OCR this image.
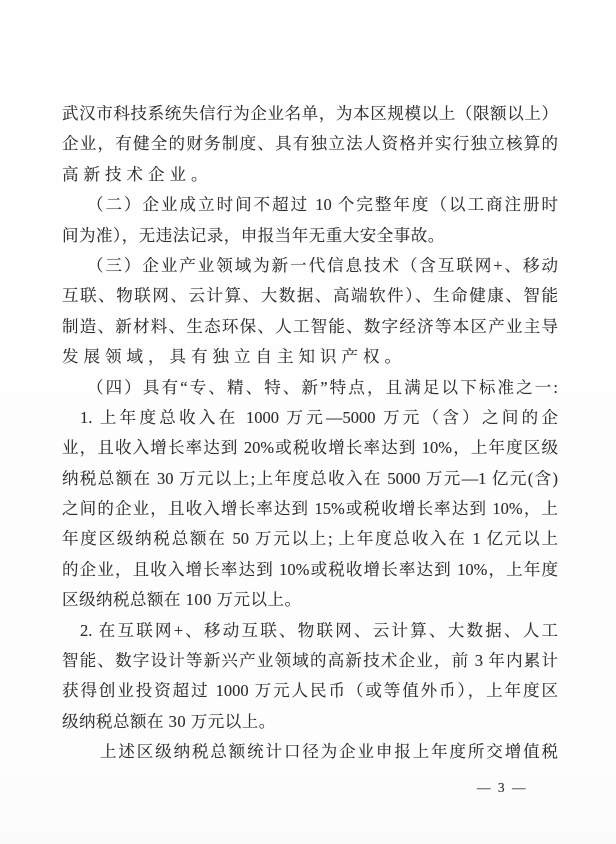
武汉市科技系统失信行为企业名单，为本区规模以上（限额以上）
企业，有健全的财务制度、具有独立法人资格并实行独立核算的
高新技术企业。
（二）企业成立时间不超过 10 个完整年度（以工商注册时
间为准），无违法记录，申报当年无重大安全事故。
（三）企业产业领域为新一代信息技术（含互联网+、移动
互联、物联网、云计算、大数据、高端软件）、生命健康、智能
制造、新材料、生态环保、人工智能、数字经济等本区产业主导
发展领域，具有独立自主知识产权。
（四）具有“专、精、特、新”特点，且满足以下标准之一:
1. 上年度总收入在 1000 万元—5000 万元（含）之间的企
业，且收入增长率达到 20%或税收增长率达到 10%，上年度区级
纳税总额在 30 万元以上;上年度总收入在 5000 万元—1 亿元(含)
之间的企业，且收入增长率达到 15%或税收增长率达到 10%，上
年度区级纳税总额在 50 万元以上; 上年度总收入在 1 亿元以上
的企业，且收入增长率达到 10%或税收增长率达到 10%，上年度
区级纳税总额在 100 万元以上。
2. 在互联网+、移动互联、物联网、云计算、大数据、人工
智能、数字设计等新兴产业领域的高新技术企业，前 3 年内累计
获得创业投资超过 1000 万元人民币（或等值外币），上年度区
级纳税总额在 30 万元以上。
上述区级纳税总额统计口径为企业申报上年度所交增值税
— 3 —
